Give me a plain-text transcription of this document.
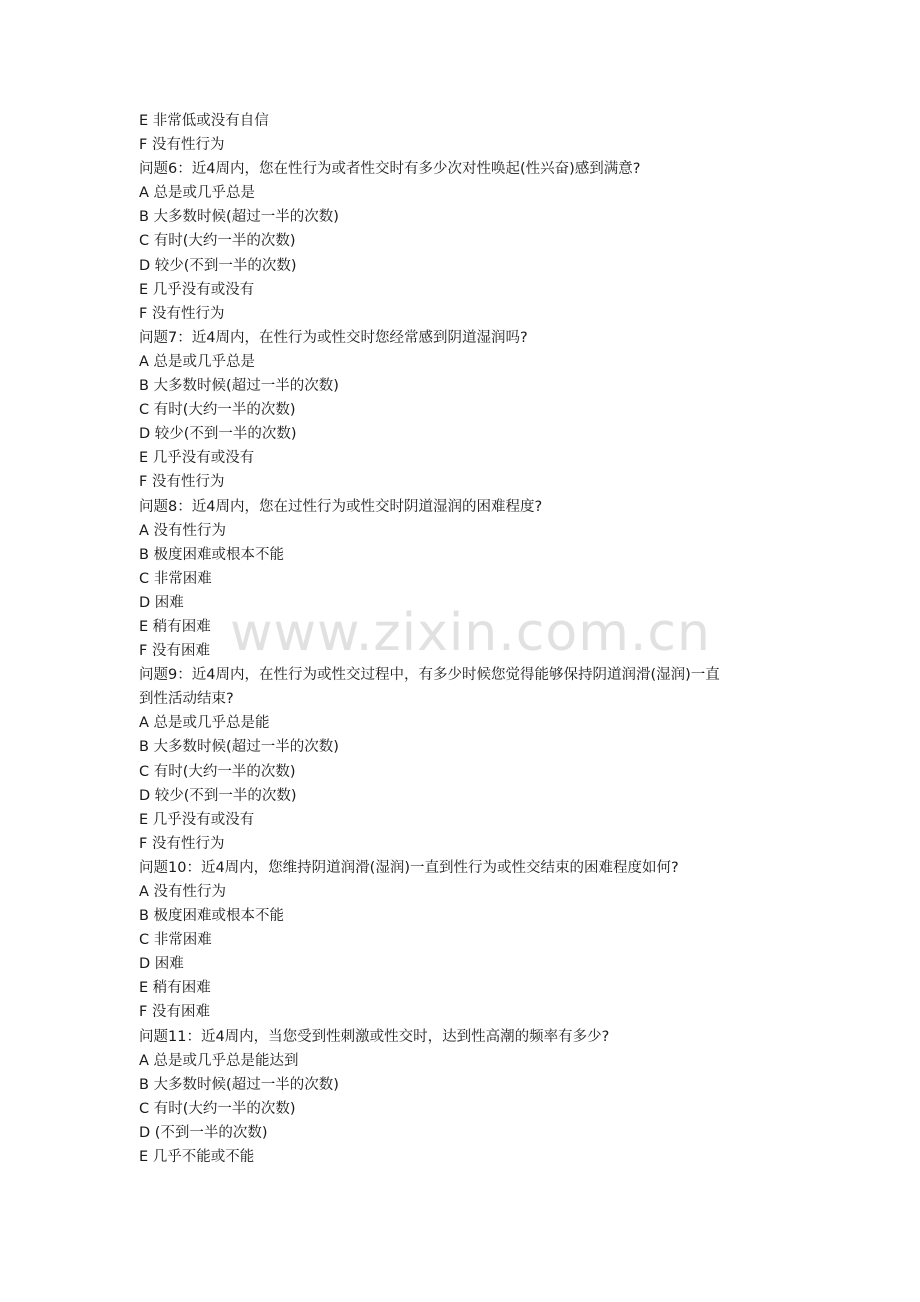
E 非常低或没有自信
F 没有性行为
问题6：近4周内，您在性行为或者性交时有多少次对性唤起(性兴奋)感到满意?
A 总是或几乎总是
B 大多数时候(超过一半的次数)
C 有时(大约一半的次数)
D 较少(不到一半的次数)
E 几乎没有或没有
F 没有性行为
问题7：近4周内，在性行为或性交时您经常感到阴道湿润吗?
A 总是或几乎总是
B 大多数时候(超过一半的次数)
C 有时(大约一半的次数)
D 较少(不到一半的次数)
E 几乎没有或没有
F 没有性行为
问题8：近4周内，您在过性行为或性交时阴道湿润的困难程度?
A 没有性行为
B 极度困难或根本不能
C 非常困难
D 困难
E 稍有困难
F 没有困难
问题9：近4周内，在性行为或性交过程中，有多少时候您觉得能够保持阴道润滑(湿润)一直
到性活动结束?
A 总是或几乎总是能
B 大多数时候(超过一半的次数)
C 有时(大约一半的次数)
D 较少(不到一半的次数)
E 几乎没有或没有
F 没有性行为
问题10：近4周内，您维持阴道润滑(湿润)一直到性行为或性交结束的困难程度如何?
A 没有性行为
B 极度困难或根本不能
C 非常困难
D 困难
E 稍有困难
F 没有困难
问题11：近4周内，当您受到性刺激或性交时，达到性高潮的频率有多少?
A 总是或几乎总是能达到
B 大多数时候(超过一半的次数)
C 有时(大约一半的次数)
D (不到一半的次数)
E 几乎不能或不能
www.zixin.com.cn
